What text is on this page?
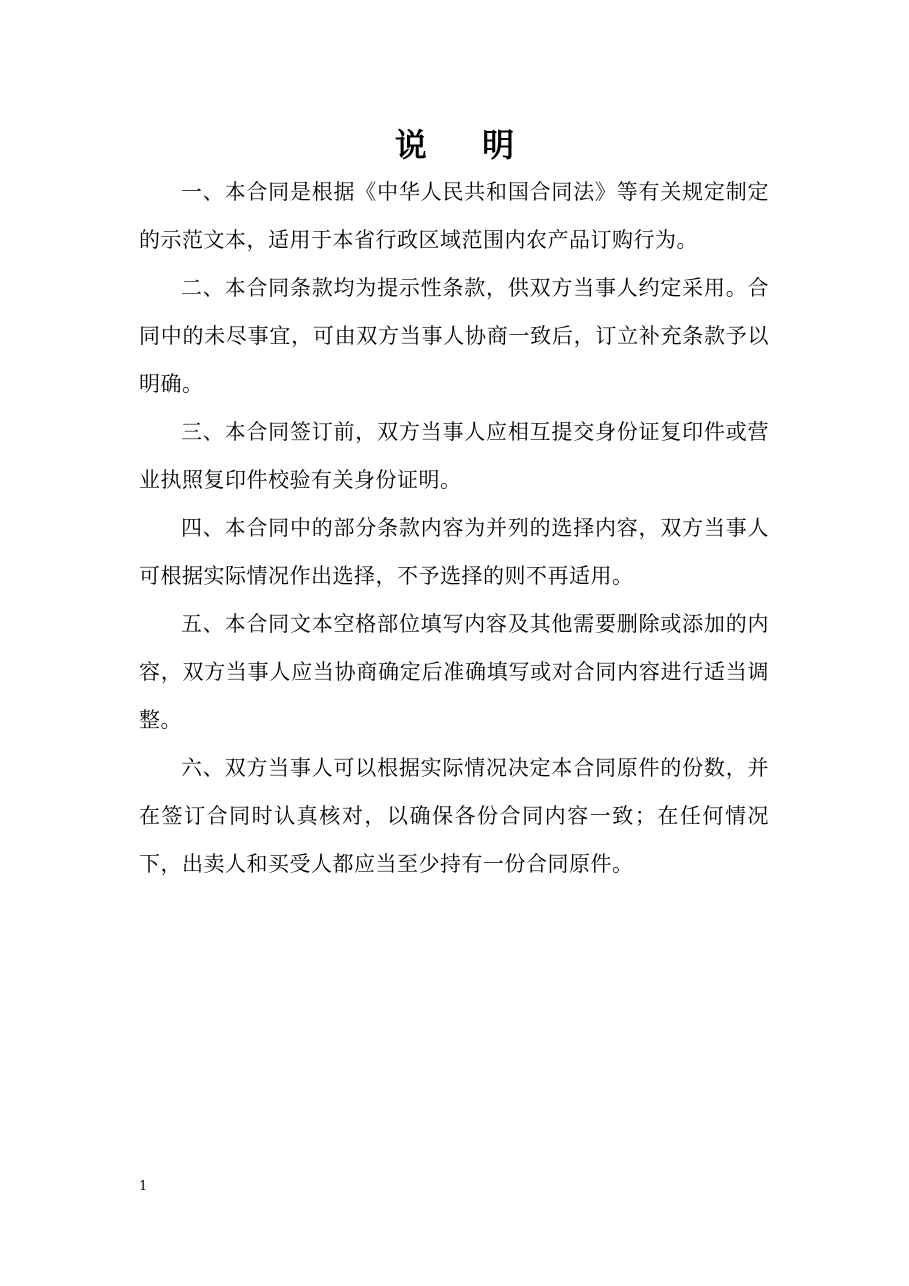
说 明

一、本合同是根据《中华人民共和国合同法》等有关规定制定的示范文本，适用于本省行政区域范围内农产品订购行为。

二、本合同条款均为提示性条款，供双方当事人约定采用。合同中的未尽事宜，可由双方当事人协商一致后，订立补充条款予以明确。

三、本合同签订前，双方当事人应相互提交身份证复印件或营业执照复印件校验有关身份证明。

四、本合同中的部分条款内容为并列的选择内容，双方当事人可根据实际情况作出选择，不予选择的则不再适用。

五、本合同文本空格部位填写内容及其他需要删除或添加的内容，双方当事人应当协商确定后准确填写或对合同内容进行适当调整。

六、双方当事人可以根据实际情况决定本合同原件的份数，并在签订合同时认真核对，以确保各份合同内容一致；在任何情况下，出卖人和买受人都应当至少持有一份合同原件。

1
